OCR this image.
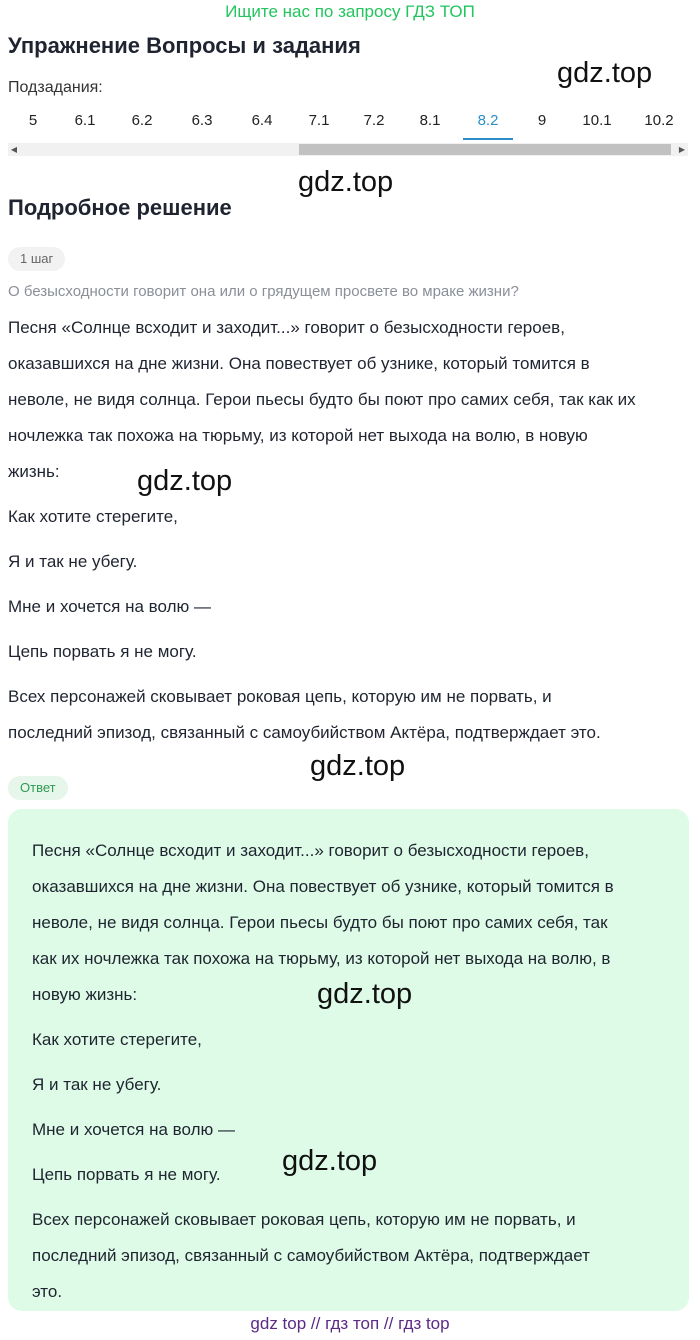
Ищите нас по запросу ГДЗ ТОП
Упражнение Вопросы и задания
Подзадания:
5	6.1	6.2	6.3	6.4	7.1	7.2	8.1	8.2	9	10.1	10.2
◀	▶
gdz.top
gdz.top
Подробное решение
1 шаг
О безысходности говорит она или о грядущем просвете во мраке жизни?
Песня «Солнце всходит и заходит...» говорит о безысходности героев,
оказавшихся на дне жизни. Она повествует об узнике, который томится в
неволе, не видя солнца. Герои пьесы будто бы поют про самих себя, так как их
ночлежка так похожа на тюрьму, из которой нет выхода на волю, в новую
жизнь:	gdz.top
Как хотите стерегите,
Я и так не убегу.
Мне и хочется на волю —
Цепь порвать я не могу.
Всех персонажей сковывает роковая цепь, которую им не порвать, и
последний эпизод, связанный с самоубийством Актёра, подтверждает это.
gdz.top
Ответ
Песня «Солнце всходит и заходит...» говорит о безысходности героев,
оказавшихся на дне жизни. Она повествует об узнике, который томится в
неволе, не видя солнца. Герои пьесы будто бы поют про самих себя, так
как их ночлежка так похожа на тюрьму, из которой нет выхода на волю, в
новую жизнь:	gdz.top
Как хотите стерегите,
Я и так не убегу.
Мне и хочется на волю —
Цепь порвать я не могу. gdz.top
Всех персонажей сковывает роковая цепь, которую им не порвать, и
последний эпизод, связанный с самоубийством Актёра, подтверждает
это.
gdz top // гдз топ // гдз top
